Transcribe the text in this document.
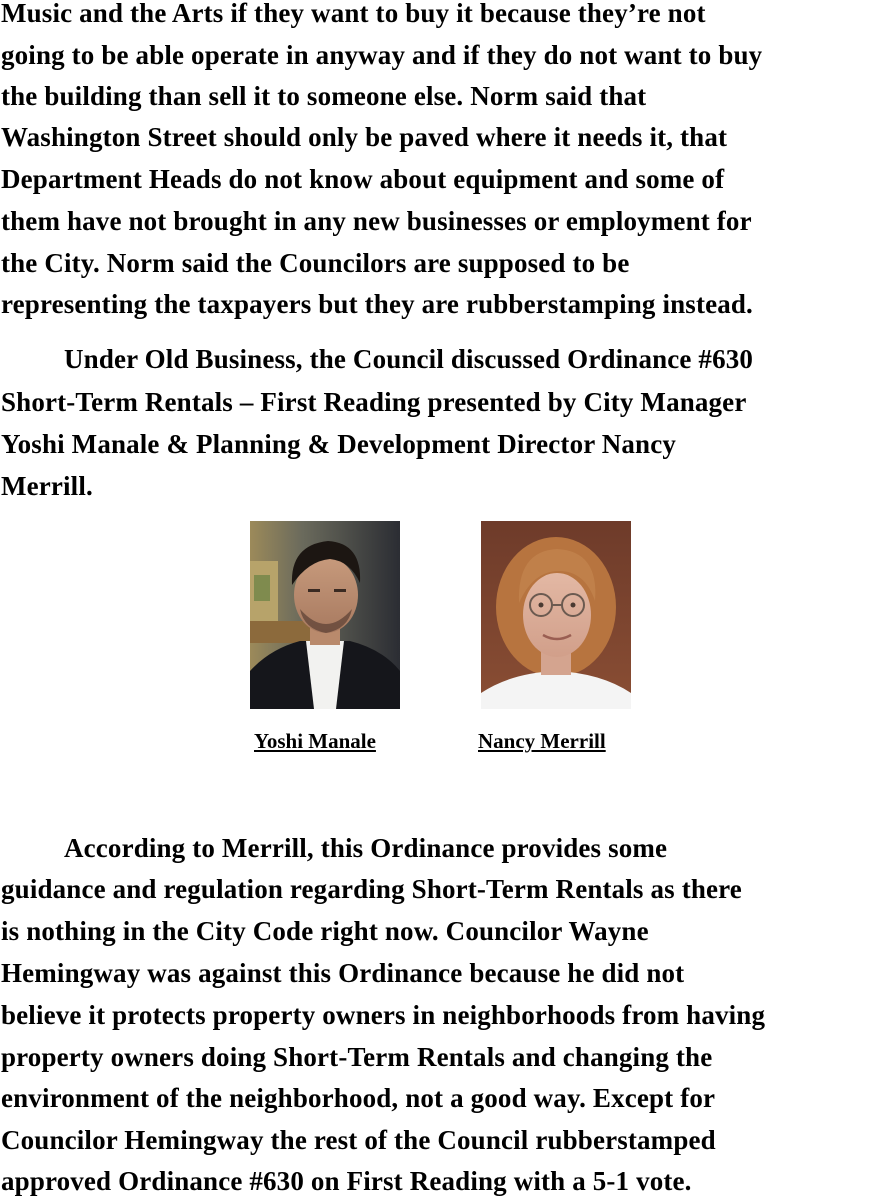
Music and the Arts if they want to buy it because they’re not
going to be able operate in anyway and if they do not want to buy
the building than sell it to someone else. Norm said that
Washington Street should only be paved where it needs it, that
Department Heads do not know about equipment and some of
them have not brought in any new businesses or employment for
the City. Norm said the Councilors are supposed to be
representing the taxpayers but they are rubberstamping instead.
Under Old Business, the Council discussed Ordinance #630
Short-Term Rentals – First Reading presented by City Manager
Yoshi Manale & Planning & Development Director Nancy
Merrill.
Yoshi Manale	Nancy Merrill
According to Merrill, this Ordinance provides some
guidance and regulation regarding Short-Term Rentals as there
is nothing in the City Code right now. Councilor Wayne
Hemingway was against this Ordinance because he did not
believe it protects property owners in neighborhoods from having
property owners doing Short-Term Rentals and changing the
environment of the neighborhood, not a good way. Except for
Councilor Hemingway the rest of the Council rubberstamped
approved Ordinance #630 on First Reading with a 5-1 vote.
